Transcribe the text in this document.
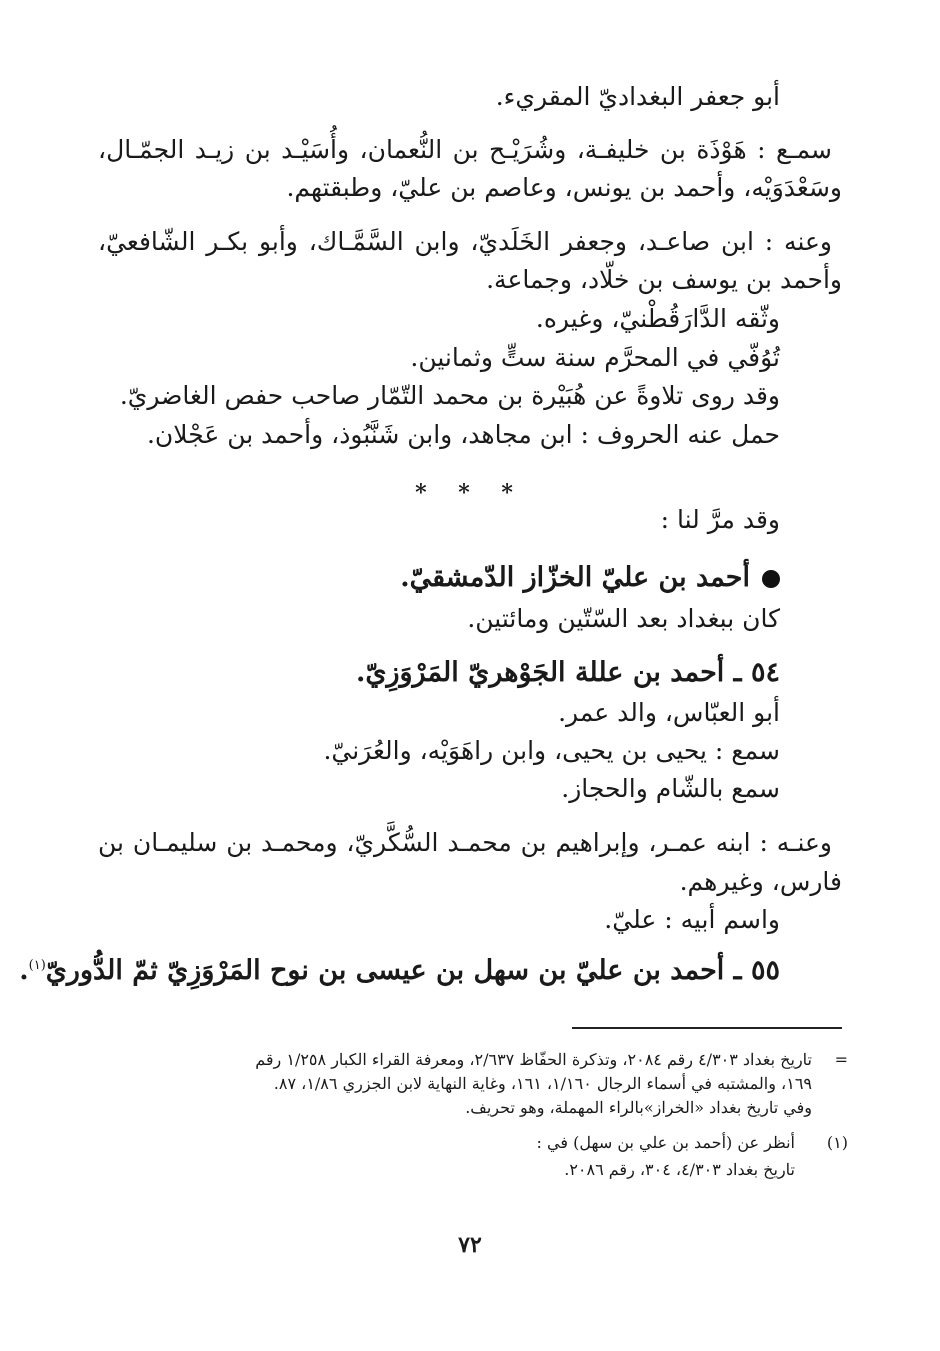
أبو جعفر البغداديّ المقريء.
سمـع : هَوْذَة بن خليفـة، وشُرَيْـح بن النُّعمان، وأُسَيْـد بن زيـد الجمّـال،
وسَعْدَوَيْه، وأحمد بن يونس، وعاصم بن عليّ، وطبقتهم.
وعنه : ابن صاعـد، وجعفر الخَلَديّ، وابن السَّمَّـاك، وأبو بكـر الشّافعيّ،
وأحمد بن يوسف بن خلّاد، وجماعة.
وثّقه الدَّارَقُطْنيّ، وغيره.
تُوُفّي في المحرَّم سنة ستٍّ وثمانين.
وقد روى تلاوةً عن هُبَيْرة بن محمد التّمّار صاحب حفص الغاضريّ.
حمل عنه الحروف : ابن مجاهد، وابن شَنَّبُوذ، وأحمد بن عَجْلان.
* * *
وقد مرَّ لنا :
أحمد بن عليّ الخزّاز الدّمشقيّ.
كان ببغداد بعد السّتّين ومائتين.
٥٤ ـ أحمد بن عللة الجَوْهريّ المَرْوَزِيّ.
أبو العبّاس، والد عمر.
سمع : يحيى بن يحيى، وابن راهَوَيْه، والعُرَنيّ.
سمع بالشّام والحجاز.
وعنـه : ابنه عمـر، وإبراهيم بن محمـد السُّكَّريّ، ومحمـد بن سليمـان بن
فارس، وغيرهم.
واسم أبيه : عليّ.
٥٥ ـ أحمد بن عليّ بن سهل بن عيسى بن نوح المَرْوَزِيّ ثمّ الدُّوريّ$^{(١)}$.
=
تاريخ بغداد ٤/٣٠٣ رقم ٢٠٨٤، وتذكرة الحفّاظ ٢/٦٣٧، ومعرفة القراء الكبار ١/٢٥٨ رقم
١٦٩، والمشتبه في أسماء الرجال ١/١٦٠، ١٦١، وغاية النهاية لابن الجزري ١/٨٦، ٨٧.
وفي تاريخ بغداد «الخراز»بالراء المهملة، وهو تحريف.
(١)
أنظر عن (أحمد بن علي بن سهل) في :
تاريخ بغداد ٤/٣٠٣، ٣٠٤، رقم ٢٠٨٦.
٧٢
